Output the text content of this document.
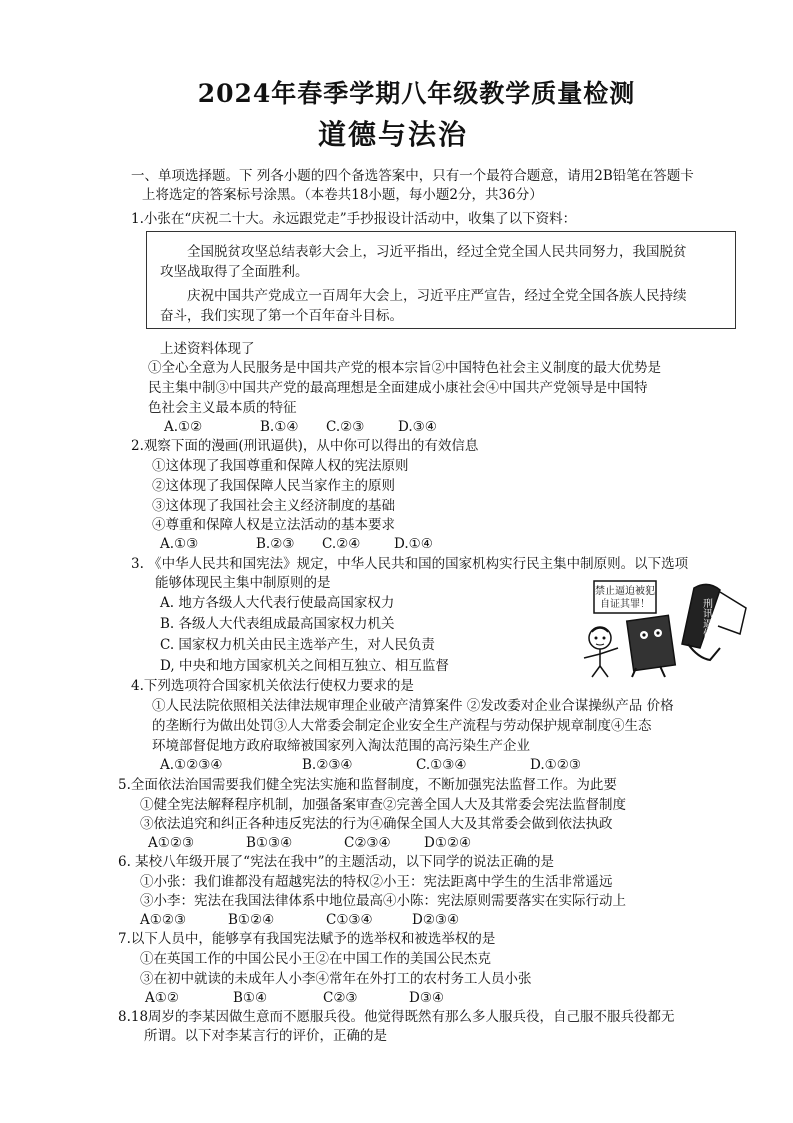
2024年春季学期八年级教学质量检测
道德与法治
一、单项选择题。下 列各小题的四个备选答案中，只有一个最符合题意，请用2B铅笔在答题卡
上将选定的答案标号涂黑。（本卷共18小题，每小题2分，共36分）
1.小张在“庆祝二十大。永远跟党走”手抄报设计活动中，收集了以下资料：
全国脱贫攻坚总结表彰大会上，习近平指出，经过全党全国人民共同努力，我国脱贫
攻坚战取得了全面胜利。
庆祝中国共产党成立一百周年大会上，习近平庄严宣告，经过全党全国各族人民持续
奋斗，我们实现了第一个百年奋斗目标。
上述资料体现了
①全心全意为人民服务是中国共产党的根本宗旨②中国特色社会主义制度的最大优势是
民主集中制③中国共产党的最高理想是全面建成小康社会④中国共产党领导是中国特
色社会主义最本质的特征
A.①②	B.①④ C.②③ D.③④
2.观察下面的漫画(刑讯逼供)，从中你可以得出的有效信息
①这体现了我国尊重和保障人权的宪法原则
②这体现了我国保障人民当家作主的原则
③这体现了我国社会主义经济制度的基础
④尊重和保障人权是立法活动的基本要求
A.①③	B.②③ C.②④ D.①④
3. 《中华人民共和国宪法》规定，中华人民共和国的国家机构实行民主集中制原则。以下选项
能够体现民主集中制原则的是
A. 地方各级人大代表行使最高国家权力
B. 各级人大代表组成最高国家权力机关
C. 国家权力机关由民主选举产生，对人民负责
D, 中央和地方国家机关之间相互独立、相互监督
禁止逼迫被犯
自证其罪！	刑讯逼供
4.下列选项符合国家机关依法行使权力要求的是
①人民法院依照相关法律法规审理企业破产清算案件 ②发改委对企业合谋操纵产品 价格
的垄断行为做出处罚③人大常委会制定企业安全生产流程与劳动保护规章制度④生态
环境部督促地方政府取缔被国家列入淘汰范围的高污染生产企业
A.①②③④	B.②③④	C.①③④	D.①②③
5.全面依法治国需要我们健全宪法实施和监督制度，不断加强宪法监督工作。为此要
①健全宪法解释程序机制，加强备案审查②完善全国人大及其常委会宪法监督制度
③依法追究和纠正各种违反宪法的行为④确保全国人大及其常委会做到依法执政
A①②③	B①③④	C②③④ D①②④
6. 某校八年级开展了“宪法在我中”的主题活动，以下同学的说法正确的是
①小张：我们谁都没有超越宪法的特权②小王：宪法距离中学生的生活非常遥远
③小李：宪法在我国法律体系中地位最高④小陈：宪法原则需要落实在实际行动上
A①②③	B①②④	C①③④	D②③④
7.以下人员中，能够享有我国宪法赋予的选举权和被选举权的是
①在英国工作的中国公民小王②在中国工作的美国公民杰克
③在初中就读的未成年人小李④常年在外打工的农村务工人员小张
A①②	B①④	C②③	D③④
8.18周岁的李某因做生意而不愿服兵役。他觉得既然有那么多人服兵役，自己服不服兵役都无
所谓。以下对李某言行的评价，正确的是
